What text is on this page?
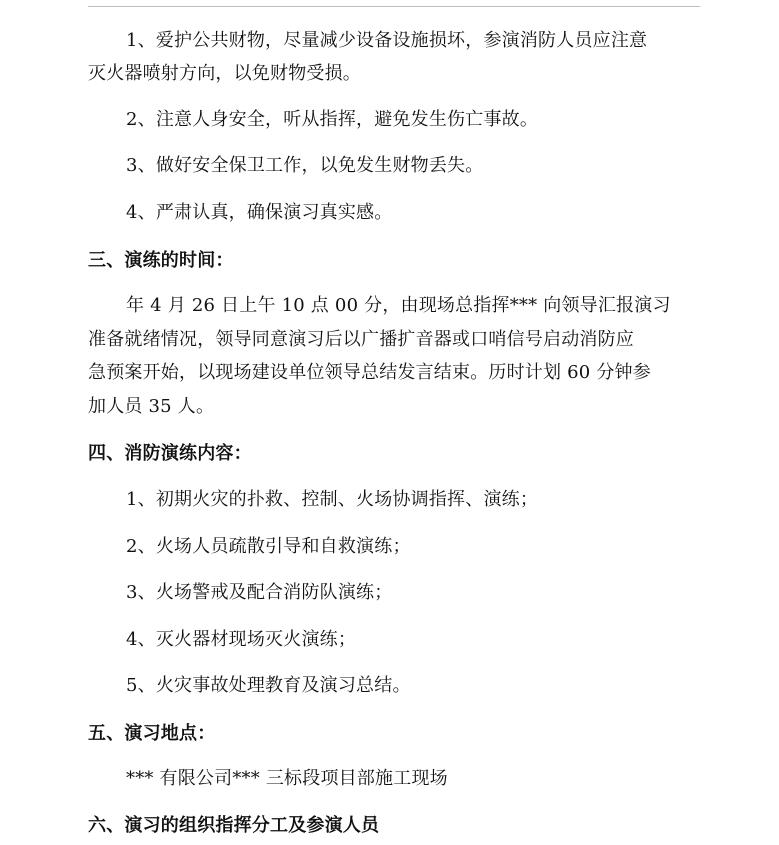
1、爱护公共财物，尽量减少设备设施损坏，参演消防人员应注意
灭火器喷射方向，以免财物受损。
2、注意人身安全，听从指挥，避免发生伤亡事故。
3、做好安全保卫工作，以免发生财物丢失。
4、严肃认真，确保演习真实感。
三、演练的时间：
年 4 月 26 日上午 10 点 00 分，由现场总指挥*** 向领导汇报演习
准备就绪情况，领导同意演习后以广播扩音器或口哨信号启动消防应
急预案开始，以现场建设单位领导总结发言结束。历时计划 60 分钟参
加人员 35 人。
四、消防演练内容：
1、初期火灾的扑救、控制、火场协调指挥、演练；
2、火场人员疏散引导和自救演练；
3、火场警戒及配合消防队演练；
4、灭火器材现场灭火演练；
5、火灾事故处理教育及演习总结。
五、演习地点：
*** 有限公司*** 三标段项目部施工现场
六、演习的组织指挥分工及参演人员
